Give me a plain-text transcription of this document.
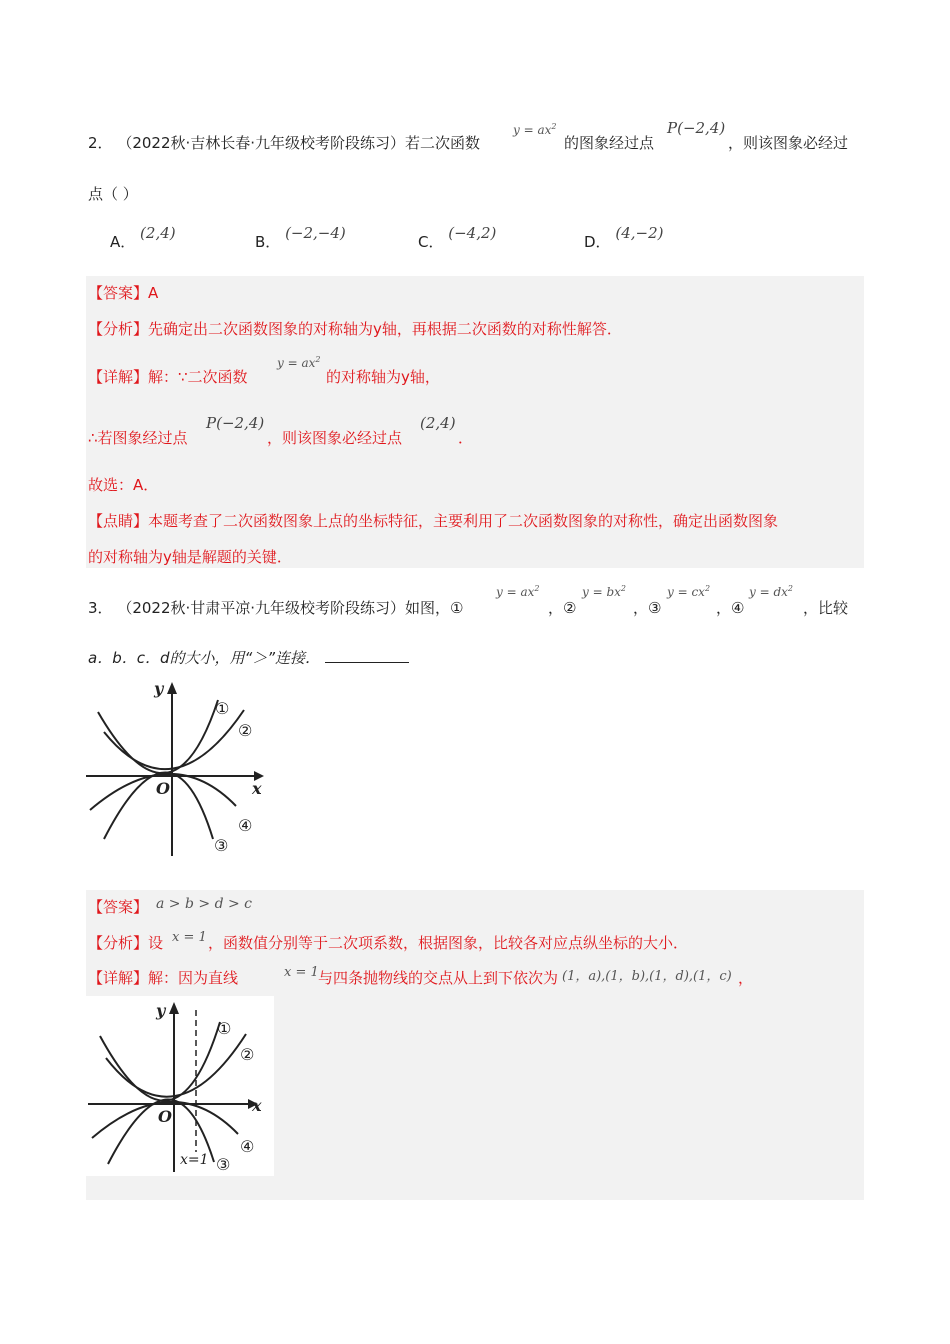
2． （2022秋·吉林长春·九年级校考阶段练习）若二次函数
$y = ax^2$
的图象经过点
P(−2,4)
，则该图象必经过
点（ ）
A． (2,4)	B． (−2,−4)	C． (−4,2)	D． (4,−2)
【答案】A
【分析】先确定出二次函数图象的对称轴为y轴，再根据二次函数的对称性解答．
【详解】解：∵二次函数
$y = ax^2$
的对称轴为y轴，
∴若图象经过点
P(−2,4)
，则该图象必经过点
(2,4)
．
故选：A．
【点睛】本题考查了二次函数图象上点的坐标特征，主要利用了二次函数图象的对称性，确定出函数图象
的对称轴为y轴是解题的关键．
3． （2022秋·甘肃平凉·九年级校考阶段练习）如图，①
$y = ax^2$
，②
$y = bx^2$
，③
$y = cx^2$
，④
$y = dx^2$
，比较
a．b．c．d的大小，用“＞”连接．
y
x
O
①
②
③
④
【答案】 a > b > d > c
【分析】设 x = 1 ，函数值分别等于二次项系数，根据图象，比较各对应点纵坐标的大小．
【详解】解：因为直线	x = 1 与四条抛物线的交点从上到下依次为 (1，a),(1，b),(1，d),(1，c) ，
y
x
O
x=1
①
②
③
④
